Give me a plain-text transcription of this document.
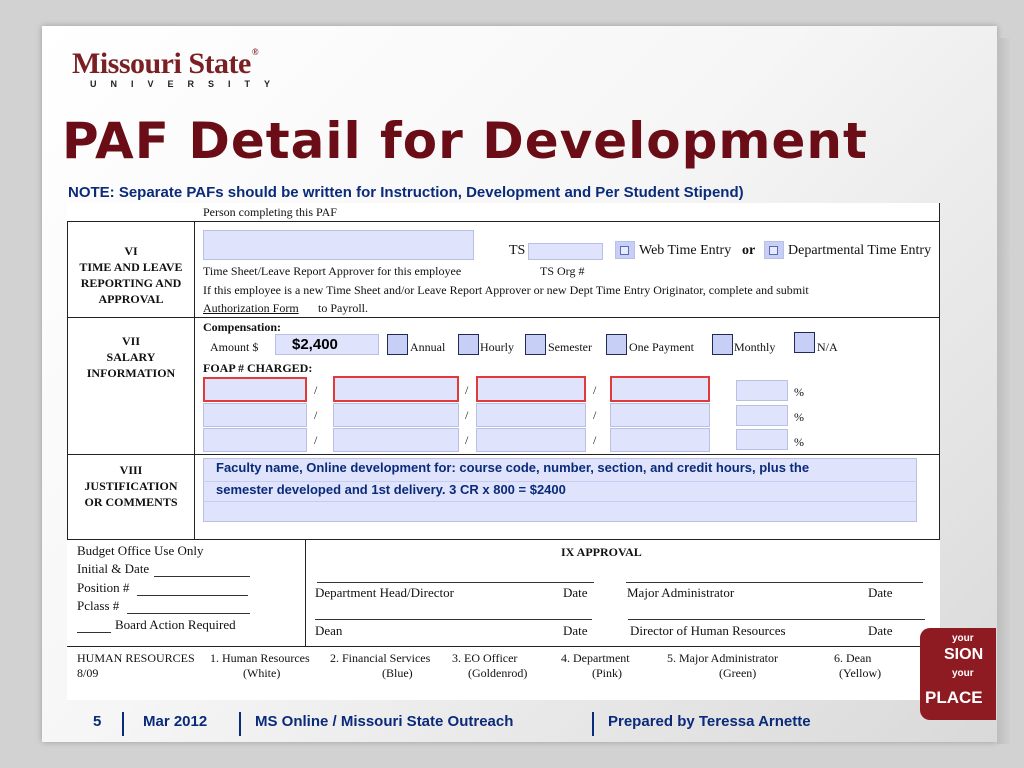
Missouri State®
UNIVERSITY
PAF Detail for Development
NOTE: Separate PAFs should be written for Instruction, Development and Per Student Stipend)
Person completing this PAF
VI
TIME AND LEAVE
REPORTING AND
APPROVAL
TS	Web Time Entry or Departmental Time Entry
Time Sheet/Leave Report Approver for this employee	TS Org #
If this employee is a new Time Sheet and/or Leave Report Approver or new Dept Time Entry Originator, complete and submit
Authorization Form to Payroll.
VII
SALARY
INFORMATION
Compensation:
Amount $ $2,400	Annual	Hourly	Semester	One Payment	Monthly	N/A
FOAP # CHARGED:
/	/	/	%
/	/	/	%
/	/	/	%
VIII
JUSTIFICATION
OR COMMENTS
Faculty name, Online development for: course code, number, section, and credit hours, plus the
semester developed and 1st delivery. 3 CR x 800 = $2400
Budget Office Use Only
Initial & Date
Position #
Pclass #
Board Action Required
IX APPROVAL
Department Head/Director	Date	Major Administrator	Date
Dean	Date	Director of Human Resources	Date
HUMAN RESOURCES
8/09
1. Human Resources
(White)
2. Financial Services
(Blue)
3. EO Officer
(Goldenrod)
4. Department
(Pink)
5. Major Administrator
(Green)
6. Dean
(Yellow)
5	Mar 2012	MS Online / Missouri State Outreach	Prepared by Teressa Arnette
your
SION
your
PLACE
